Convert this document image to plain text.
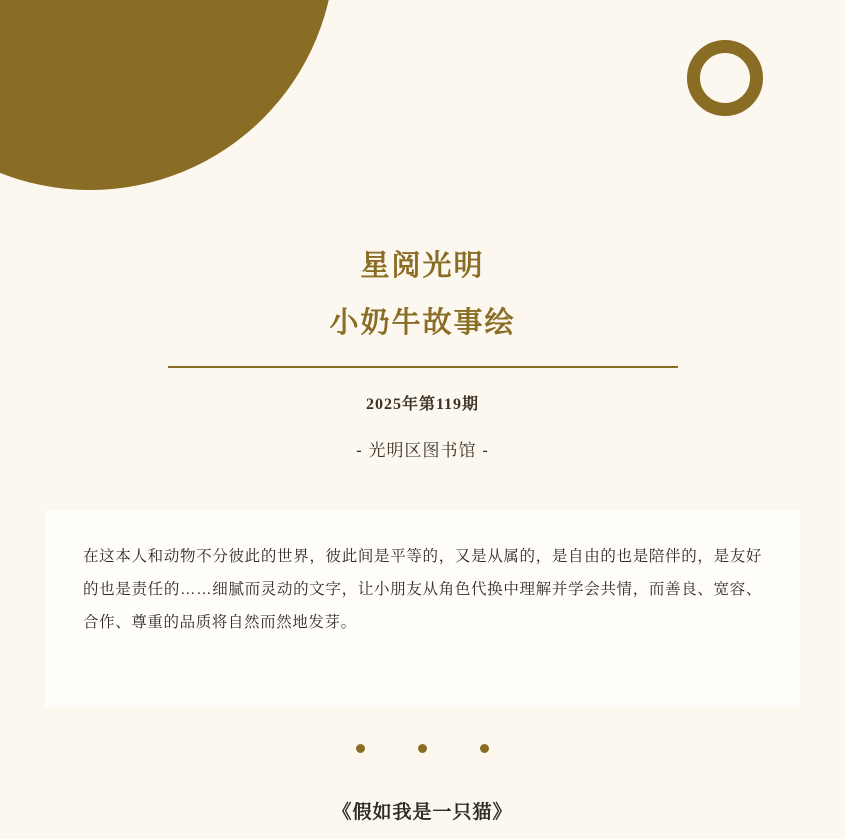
星阅光明
小奶牛故事绘
2025年第119期
- 光明区图书馆 -

在这本人和动物不分彼此的世界，彼此间是平等的，又是从属的，是自由的也是陪伴的，是友好的也是责任的……细腻而灵动的文字，让小朋友从角色代换中理解并学会共情，而善良、宽容、合作、尊重的品质将自然而然地发芽。

《假如我是一只猫》
